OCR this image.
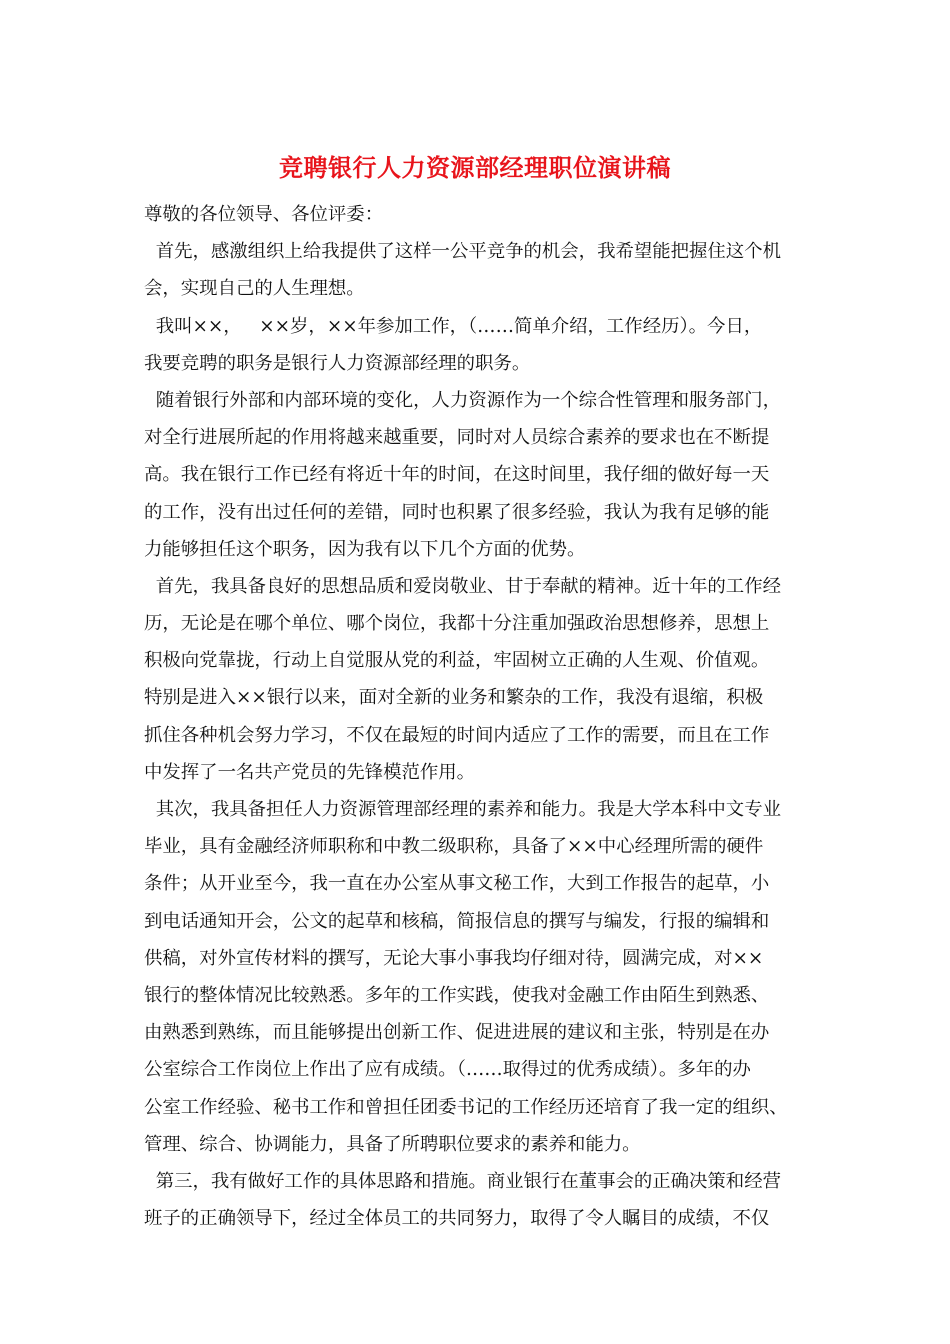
竞聘银行人力资源部经理职位演讲稿
尊敬的各位领导、各位评委：
首先，感激组织上给我提供了这样一公平竞争的机会，我希望能把握住这个机
会，实现自己的人生理想。
我叫××，   ××岁，××年参加工作，（……简单介绍，工作经历）。今日，
我要竞聘的职务是银行人力资源部经理的职务。
随着银行外部和内部环境的变化，人力资源作为一个综合性管理和服务部门，
对全行进展所起的作用将越来越重要，同时对人员综合素养的要求也在不断提
高。我在银行工作已经有将近十年的时间，在这时间里，我仔细的做好每一天
的工作，没有出过任何的差错，同时也积累了很多经验，我认为我有足够的能
力能够担任这个职务，因为我有以下几个方面的优势。
首先，我具备良好的思想品质和爱岗敬业、甘于奉献的精神。近十年的工作经
历，无论是在哪个单位、哪个岗位，我都十分注重加强政治思想修养，思想上
积极向党靠拢，行动上自觉服从党的利益，牢固树立正确的人生观、价值观。
特别是进入××银行以来，面对全新的业务和繁杂的工作，我没有退缩，积极
抓住各种机会努力学习，不仅在最短的时间内适应了工作的需要，而且在工作
中发挥了一名共产党员的先锋模范作用。
其次，我具备担任人力资源管理部经理的素养和能力。我是大学本科中文专业
毕业，具有金融经济师职称和中教二级职称，具备了××中心经理所需的硬件
条件；从开业至今，我一直在办公室从事文秘工作，大到工作报告的起草，小
到电话通知开会，公文的起草和核稿，简报信息的撰写与编发，行报的编辑和
供稿，对外宣传材料的撰写，无论大事小事我均仔细对待，圆满完成，对××
银行的整体情况比较熟悉。多年的工作实践，使我对金融工作由陌生到熟悉、
由熟悉到熟练，而且能够提出创新工作、促进进展的建议和主张，特别是在办
公室综合工作岗位上作出了应有成绩。（……取得过的优秀成绩）。多年的办
公室工作经验、秘书工作和曾担任团委书记的工作经历还培育了我一定的组织、
管理、综合、协调能力，具备了所聘职位要求的素养和能力。
第三，我有做好工作的具体思路和措施。商业银行在董事会的正确决策和经营
班子的正确领导下，经过全体员工的共同努力，取得了令人瞩目的成绩，不仅
